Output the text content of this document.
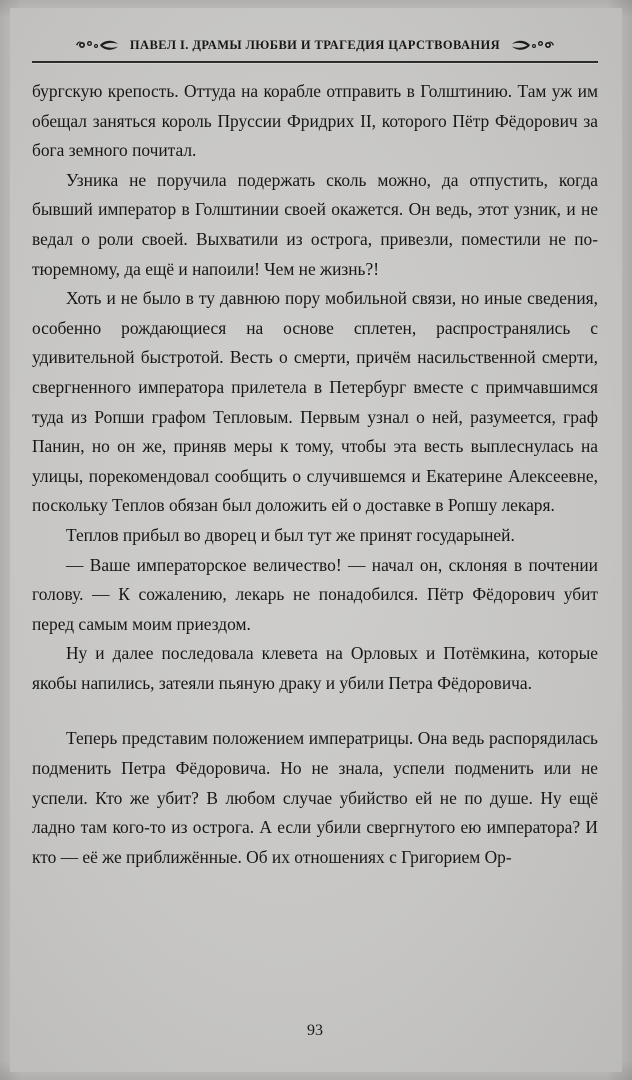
ПАВЕЛ I. ДРАМЫ ЛЮБВИ И ТРАГЕДИЯ ЦАРСТВОВАНИЯ

бургскую крепость. Оттуда на корабле отправить в Голштинию. Там уж им обещал заняться король Пруссии Фридрих II, которого Пётр Фёдорович за бога земного почитал.

Узника не поручила подержать сколь можно, да отпустить, когда бывший император в Голштинии своей окажется. Он ведь, этот узник, и не ведал о роли своей. Выхватили из острога, привезли, поместили не по-тюремному, да ещё и напоили! Чем не жизнь?!

Хоть и не было в ту давнюю пору мобильной связи, но иные сведения, особенно рождающиеся на основе сплетен, распространялись с удивительной быстротой. Весть о смерти, причём насильственной смерти, свергненного императора прилетела в Петербург вместе с примчавшимся туда из Ропши графом Тепловым. Первым узнал о ней, разумеется, граф Панин, но он же, приняв меры к тому, чтобы эта весть выплеснулась на улицы, порекомендовал сообщить о случившемся и Екатерине Алексеевне, поскольку Теплов обязан был доложить ей о доставке в Ропшу лекаря.

Теплов прибыл во дворец и был тут же принят государыней.

— Ваше императорское величество! — начал он, склоняя в почтении голову. — К сожалению, лекарь не понадобился. Пётр Фёдорович убит перед самым моим приездом.

Ну и далее последовала клевета на Орловых и Потёмкина, которые якобы напились, затеяли пьяную драку и убили Петра Фёдоровича.

Теперь представим положением императрицы. Она ведь распорядилась подменить Петра Фёдоровича. Но не знала, успели подменить или не успели. Кто же убит? В любом случае убийство ей не по душе. Ну ещё ладно там кого-то из острога. А если убили свергнутого ею императора? И кто — её же приближённые. Об их отношениях с Григорием Ор-

93
